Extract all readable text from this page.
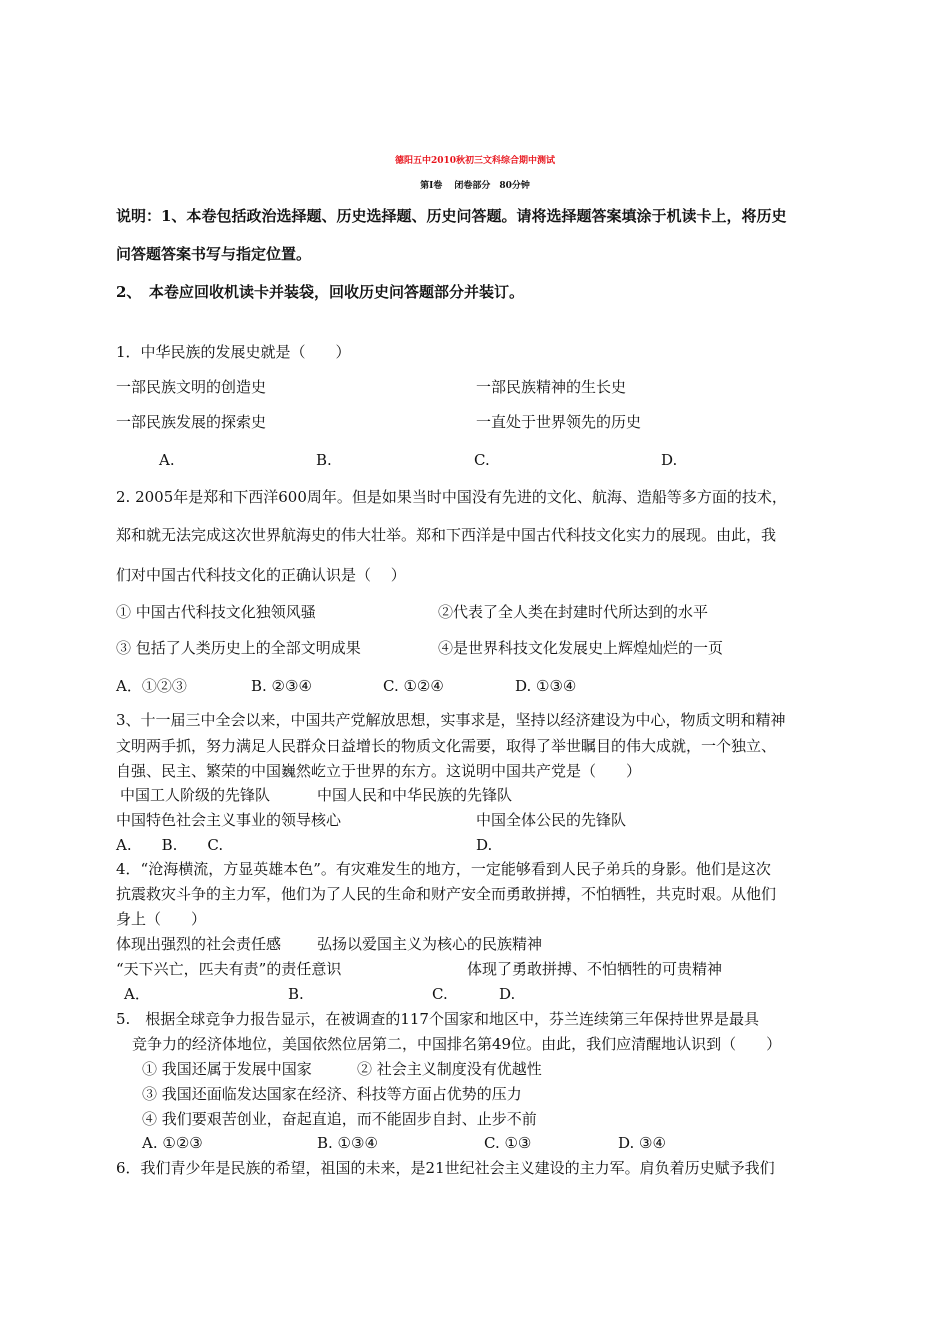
德阳五中2010秋初三文科综合期中测试
第Ⅰ卷　 闭卷部分　80分钟
说明：1、本卷包括政治选择题、历史选择题、历史问答题。请将选择题答案填涂于机读卡上，将历史
问答题答案书写与指定位置。
2、　本卷应回收机读卡并装袋，回收历史问答题部分并装订。
1．中华民族的发展史就是（　　）
一部民族文明的创造史	一部民族精神的生长史
一部民族发展的探索史	一直处于世界领先的历史
A.	B.	C.	D.
2. 2005年是郑和下西洋600周年。但是如果当时中国没有先进的文化、航海、造船等多方面的技术，
郑和就无法完成这次世界航海史的伟大壮举。郑和下西洋是中国古代科技文化实力的展现。由此，我
们对中国古代科技文化的正确认识是（　 ）
① 中国古代科技文化独领风骚	②代表了全人类在封建时代所达到的水平
③ 包括了人类历史上的全部文明成果	④是世界科技文化发展史上辉煌灿烂的一页
A．①②③	B. ②③④	C. ①②④	D. ①③④
3、十一届三中全会以来，中国共产党解放思想，实事求是，坚持以经济建设为中心，物质文明和精神
文明两手抓，努力满足人民群众日益增长的物质文化需要，取得了举世瞩目的伟大成就，一个独立、
自强、民主、繁荣的中国巍然屹立于世界的东方。这说明中国共产党是（　　）
中国工人阶级的先锋队	中国人民和中华民族的先锋队
中国特色社会主义事业的领导核心	中国全体公民的先锋队
A.　　B.　　C.	D.
4．“沧海横流，方显英雄本色”。有灾难发生的地方，一定能够看到人民子弟兵的身影。他们是这次
抗震救灾斗争的主力军，他们为了人民的生命和财产安全而勇敢拼搏，不怕牺牲，共克时艰。从他们
身上（　　）
体现出强烈的社会责任感 弘扬以爱国主义为核心的民族精神
“天下兴亡，匹夫有责”的责任意识	体现了勇敢拼搏、不怕牺牲的可贵精神
A．	B.	C.	D.
5.　根据全球竞争力报告显示，在被调查的117个国家和地区中，芬兰连续第三年保持世界是最具
竞争力的经济体地位，美国依然位居第二，中国排名第49位。由此，我们应清醒地认识到（　　）
① 我国还属于发展中国家	② 社会主义制度没有优越性
③ 我国还面临发达国家在经济、科技等方面占优势的压力
④ 我们要艰苦创业，奋起直追，而不能固步自封、止步不前
A. ①②③	B. ①③④	C. ①③	D. ③④
6．我们青少年是民族的希望，祖国的未来，是21世纪社会主义建设的主力军。肩负着历史赋予我们
